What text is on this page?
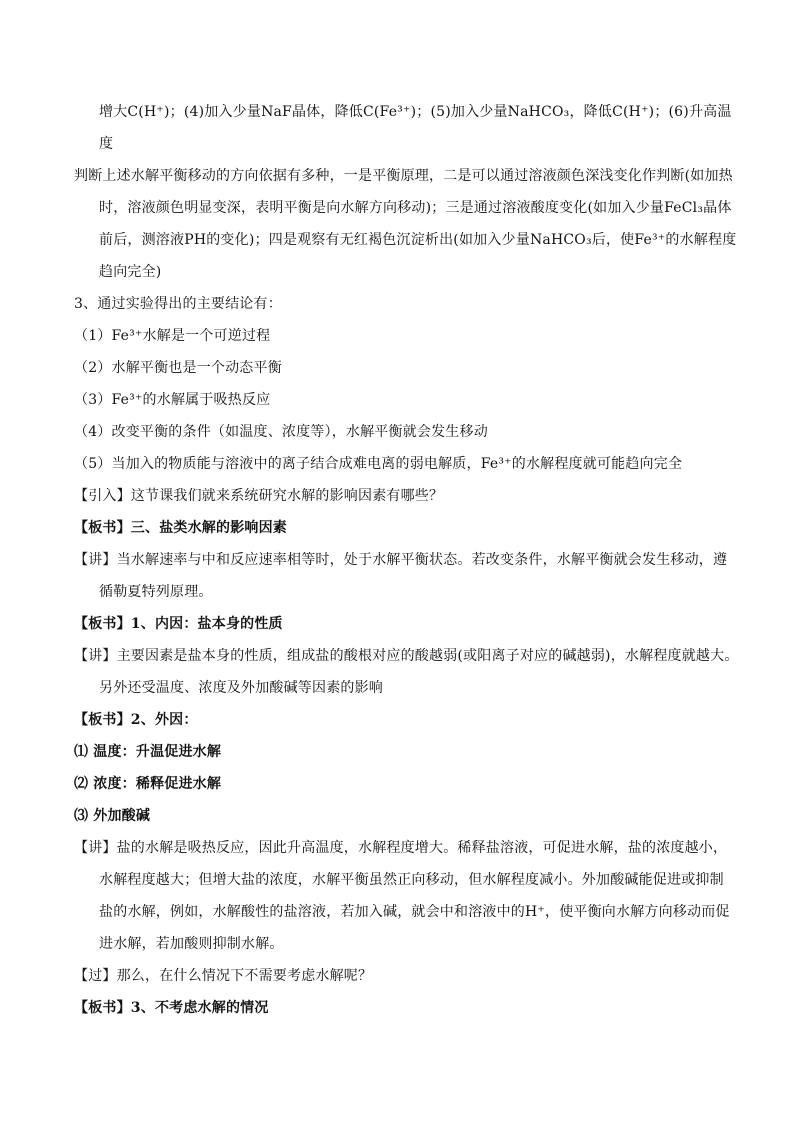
增大C(H⁺)；(4)加入少量NaF晶体，降低C(Fe³⁺)；(5)加入少量NaHCO₃，降低C(H⁺)；(6)升高温

度

判断上述水解平衡移动的方向依据有多种，一是平衡原理，二是可以通过溶液颜色深浅变化作判断(如加热

时，溶液颜色明显变深，表明平衡是向水解方向移动)；三是通过溶液酸度变化(如加入少量FeCl₃晶体

前后，测溶液PH的变化)；四是观察有无红褐色沉淀析出(如加入少量NaHCO₃后，使Fe³⁺的水解程度

趋向完全)

3、通过实验得出的主要结论有：

（1）Fe³⁺水解是一个可逆过程

（2）水解平衡也是一个动态平衡

（3）Fe³⁺的水解属于吸热反应

（4）改变平衡的条件（如温度、浓度等），水解平衡就会发生移动

（5）当加入的物质能与溶液中的离子结合成难电离的弱电解质，Fe³⁺的水解程度就可能趋向完全

【引入】这节课我们就来系统研究水解的影响因素有哪些？

【板书】三、盐类水解的影响因素

【讲】当水解速率与中和反应速率相等时，处于水解平衡状态。若改变条件，水解平衡就会发生移动，遵

循勒夏特列原理。

【板书】1、内因：盐本身的性质

【讲】主要因素是盐本身的性质，组成盐的酸根对应的酸越弱(或阳离子对应的碱越弱)，水解程度就越大。

另外还受温度、浓度及外加酸碱等因素的影响

【板书】2、外因：

⑴ 温度：升温促进水解

⑵ 浓度：稀释促进水解

⑶ 外加酸碱

【讲】盐的水解是吸热反应，因此升高温度，水解程度增大。稀释盐溶液，可促进水解，盐的浓度越小，

水解程度越大；但增大盐的浓度，水解平衡虽然正向移动，但水解程度减小。外加酸碱能促进或抑制

盐的水解，例如，水解酸性的盐溶液，若加入碱，就会中和溶液中的H⁺，使平衡向水解方向移动而促

进水解，若加酸则抑制水解。

【过】那么，在什么情况下不需要考虑水解呢？

【板书】3、不考虑水解的情况
